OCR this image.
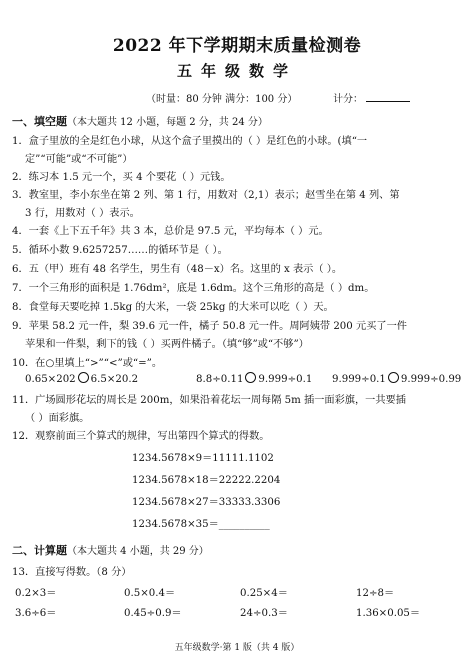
2022 年下学期期末质量检测卷
五年级数学
（时量：80 分钟 满分：100 分）	计分：
一、填空题（本大题共 12 小题，每题 2 分，共 24 分）
1．盒子里放的全是红色小球，从这个盒子里摸出的（ ）是红色的小球。(填“一
定”“可能”或“不可能”）
2．练习本 1.5 元一个，买 4 个要花（ ）元钱。
3．教室里，李小东坐在第 2 列、第 1 行，用数对（2,1）表示；赵雪坐在第 4 列、第
3 行，用数对（ ）表示。
4．一套《上下五千年》共 3 本，总价是 97.5 元，平均每本（ ）元。
5．循环小数 9.6257257……的循环节是（ ）。
6．五（甲）班有 48 名学生，男生有（48－x）名。这里的 x 表示（ ）。
7．一个三角形的面积是 1.76dm²，底是 1.6dm。这个三角形的高是（ ）dm。
8．食堂每天要吃掉 1.5kg 的大米，一袋 25kg 的大米可以吃（ ）天。
9．苹果 58.2 元一件，梨 39.6 元一件，橘子 50.8 元一件。周阿姨带 200 元买了一件
苹果和一件梨，剩下的钱（ ）买两件橘子。（填“够”或“不够”）
10．在○里填上“>”“<”或“=”。
0.65×202 6.5×20.2	8.8÷0.11 9.999÷0.1 9.999÷0.1 9.999÷0.99
11．广场圆形花坛的周长是 200m，如果沿着花坛一周每隔 5m 插一面彩旗，一共要插
（ ）面彩旗。
12．观察前面三个算式的规律，写出第四个算式的得数。
1234.5678×9＝11111.1102
1234.5678×18＝22222.2204
1234.5678×27＝33333.3306
1234.5678×35＝__________
二、计算题（本大题共 4 小题，共 29 分）
13．直接写得数。（8 分）
0.2×3＝	0.5×0.4＝	0.25×4＝	12÷8＝
3.6÷6＝	0.45÷0.9＝	24÷0.3＝	1.36×0.05＝
五年级数学·第 1 版（共 4 版）
